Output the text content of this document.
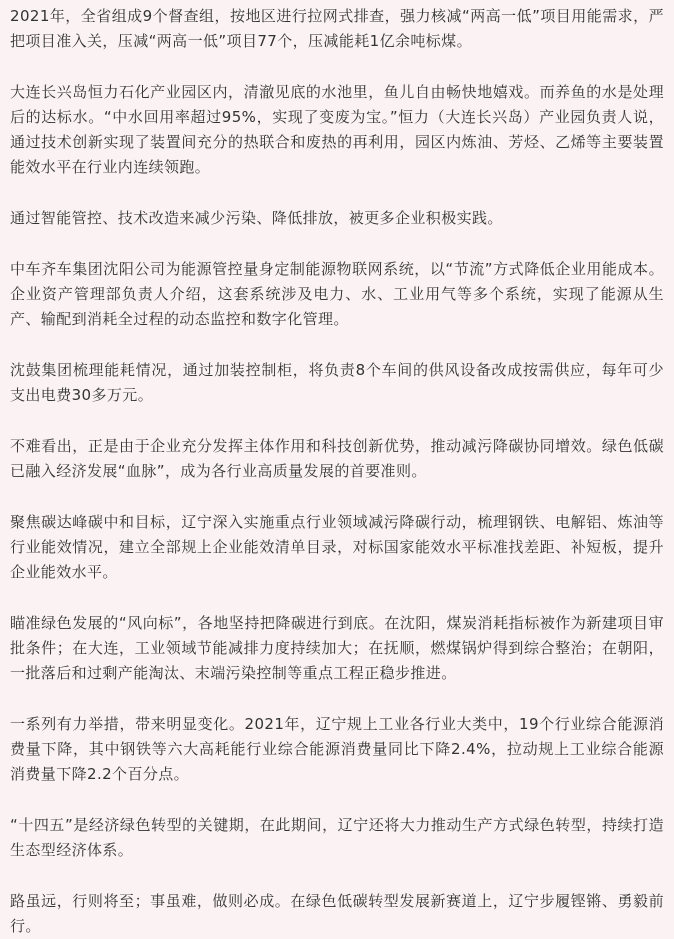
2021年，全省组成9个督查组，按地区进行拉网式排查，强力核减“两高一低”项目用能需求，严把项目准入关，压减“两高一低”项目77个，压减能耗1亿余吨标煤。

大连长兴岛恒力石化产业园区内，清澈见底的水池里，鱼儿自由畅快地嬉戏。而养鱼的水是处理后的达标水。“中水回用率超过95%，实现了变废为宝。”恒力（大连长兴岛）产业园负责人说，通过技术创新实现了装置间充分的热联合和废热的再利用，园区内炼油、芳烃、乙烯等主要装置能效水平在行业内连续领跑。

通过智能管控、技术改造来减少污染、降低排放，被更多企业积极实践。

中车齐车集团沈阳公司为能源管控量身定制能源物联网系统，以“节流”方式降低企业用能成本。企业资产管理部负责人介绍，这套系统涉及电力、水、工业用气等多个系统，实现了能源从生产、输配到消耗全过程的动态监控和数字化管理。

沈鼓集团梳理能耗情况，通过加装控制柜，将负责8个车间的供风设备改成按需供应，每年可少支出电费30多万元。

不难看出，正是由于企业充分发挥主体作用和科技创新优势，推动减污降碳协同增效。绿色低碳已融入经济发展“血脉”，成为各行业高质量发展的首要准则。

聚焦碳达峰碳中和目标，辽宁深入实施重点行业领域减污降碳行动，梳理钢铁、电解铝、炼油等行业能效情况，建立全部规上企业能效清单目录，对标国家能效水平标准找差距、补短板，提升企业能效水平。

瞄准绿色发展的“风向标”，各地坚持把降碳进行到底。在沈阳，煤炭消耗指标被作为新建项目审批条件；在大连，工业领域节能减排力度持续加大；在抚顺，燃煤锅炉得到综合整治；在朝阳，一批落后和过剩产能淘汰、末端污染控制等重点工程正稳步推进。

一系列有力举措，带来明显变化。2021年，辽宁规上工业各行业大类中，19个行业综合能源消费量下降，其中钢铁等六大高耗能行业综合能源消费量同比下降2.4%，拉动规上工业综合能源消费量下降2.2个百分点。

“十四五”是经济绿色转型的关键期，在此期间，辽宁还将大力推动生产方式绿色转型，持续打造生态型经济体系。

路虽远，行则将至；事虽难，做则必成。在绿色低碳转型发展新赛道上，辽宁步履铿锵、勇毅前行。
